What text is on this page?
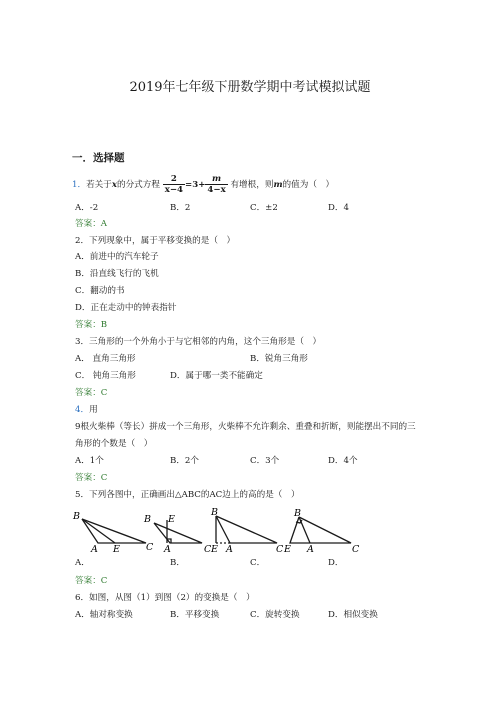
2019年七年级下册数学期中考试模拟试题
一．选择题
1．若关于x的分式方程 $\frac{2}{x-4} =3+ \frac{m}{4-x}$ 有增根，则m的值为（　）
A．-2	B．2	C．±2	D．4
答案：A
2．下列现象中，属于平移变换的是（　）
A．前进中的汽车轮子
B．沿直线飞行的飞机
C．翻动的书
D．正在走动中的钟表指针
答案：B
3．三角形的一个外角小于与它相邻的内角，这个三角形是（　）
A． 直角三角形	B．锐角三角形
C． 钝角三角形	D．属于哪一类不能确定
答案：C
4．用
9根火柴棒（等长）拼成一个三角形，火柴棒不允许剩余、重叠和折断，则能摆出不同的三
角形的个数是（　）
A．1个	B．2个	C．3个	D．4个
答案：C
5．下列各图中，正确画出△ABC的AC边上的高的是（　）
B
A E	C
B E
A	C
B
E A	C
B
E A	C
A．	B．	C．	D．
答案：C
6．如图，从图（1）到图（2）的变换是（　）
A．轴对称变换	B．平移变换	C．旋转变换	D．相似变换
